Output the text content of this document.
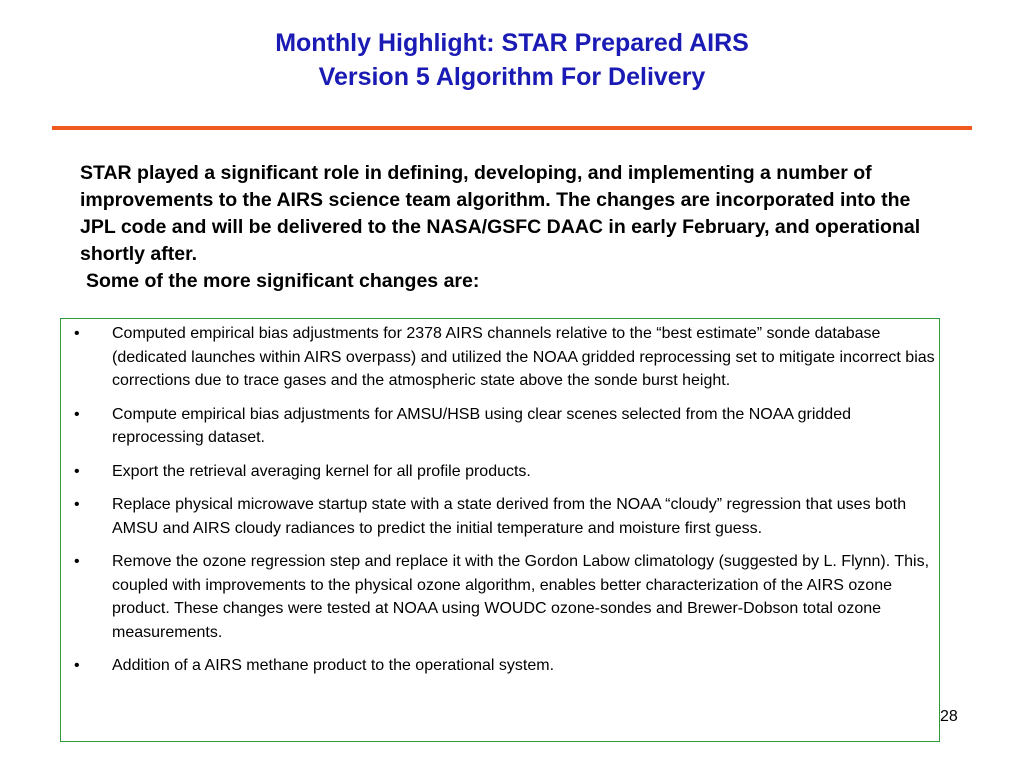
Monthly Highlight: STAR Prepared AIRS
Version 5 Algorithm For Delivery
STAR played a significant role in defining, developing, and implementing a number of improvements to the AIRS science team algorithm. The changes are incorporated into the JPL code and will be delivered to the NASA/GSFC DAAC in early February, and operational shortly after.
Some of the more significant changes are:
• Computed empirical bias adjustments for 2378 AIRS channels relative to the “best estimate” sonde database (dedicated launches within AIRS overpass) and utilized the NOAA gridded reprocessing set to mitigate incorrect bias corrections due to trace gases and the atmospheric state above the sonde burst height.
• Compute empirical bias adjustments for AMSU/HSB using clear scenes selected from the NOAA gridded reprocessing dataset.
• Export the retrieval averaging kernel for all profile products.
• Replace physical microwave startup state with a state derived from the NOAA “cloudy” regression that uses both AMSU and AIRS cloudy radiances to predict the initial temperature and moisture first guess.
• Remove the ozone regression step and replace it with the Gordon Labow climatology (suggested by L. Flynn). This, coupled with improvements to the physical ozone algorithm, enables better characterization of the AIRS ozone product. These changes were tested at NOAA using WOUDC ozone-sondes and Brewer-Dobson total ozone measurements.
• Addition of a AIRS methane product to the operational system.
28
